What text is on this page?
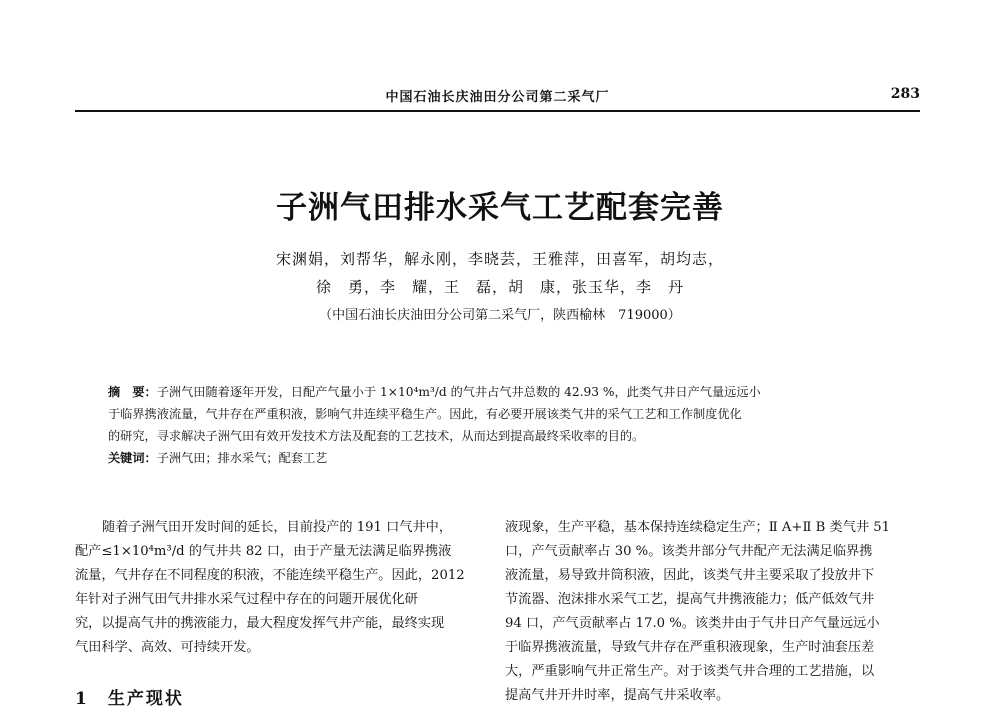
中国石油长庆油田分公司第二采气厂	283
子洲气田排水采气工艺配套完善
宋渊娟，刘帮华，解永刚，李晓芸，王雅萍，田喜军，胡均志，
徐　勇，李　耀，王　磊，胡　康，张玉华，李　丹
（中国石油长庆油田分公司第二采气厂，陕西榆林　719000）
摘　要：子洲气田随着逐年开发，日配产气量小于 1×10⁴m³/d 的气井占气井总数的 42.93 %，此类气井日产气量远远小
于临界携液流量，气井存在严重积液，影响气井连续平稳生产。因此，有必要开展该类气井的采气工艺和工作制度优化
的研究，寻求解决子洲气田有效开发技术方法及配套的工艺技术，从而达到提高最终采收率的目的。
关键词：子洲气田；排水采气；配套工艺
随着子洲气田开发时间的延长，目前投产的 191 口气井中，
配产≤1×10⁴m³/d 的气井共 82 口，由于产量无法满足临界携液
流量，气井存在不同程度的积液，不能连续平稳生产。因此，2012
年针对子洲气田气井排水采气过程中存在的问题开展优化研
究，以提高气井的携液能力，最大程度发挥气井产能，最终实现
气田科学、高效、可持续开发。
1　生产现状
液现象，生产平稳，基本保持连续稳定生产；Ⅱ A+Ⅱ B 类气井 51
口，产气贡献率占 30 %。该类井部分气井配产无法满足临界携
液流量，易导致井筒积液，因此，该类气井主要采取了投放井下
节流器、泡沫排水采气工艺，提高气井携液能力；低产低效气井
94 口，产气贡献率占 17.0 %。该类井由于气井日产气量远远小
于临界携液流量，导致气井存在严重积液现象，生产时油套压差
大，严重影响气井正常生产。对于该类气井合理的工艺措施，以
提高气井开井时率，提高气井采收率。
